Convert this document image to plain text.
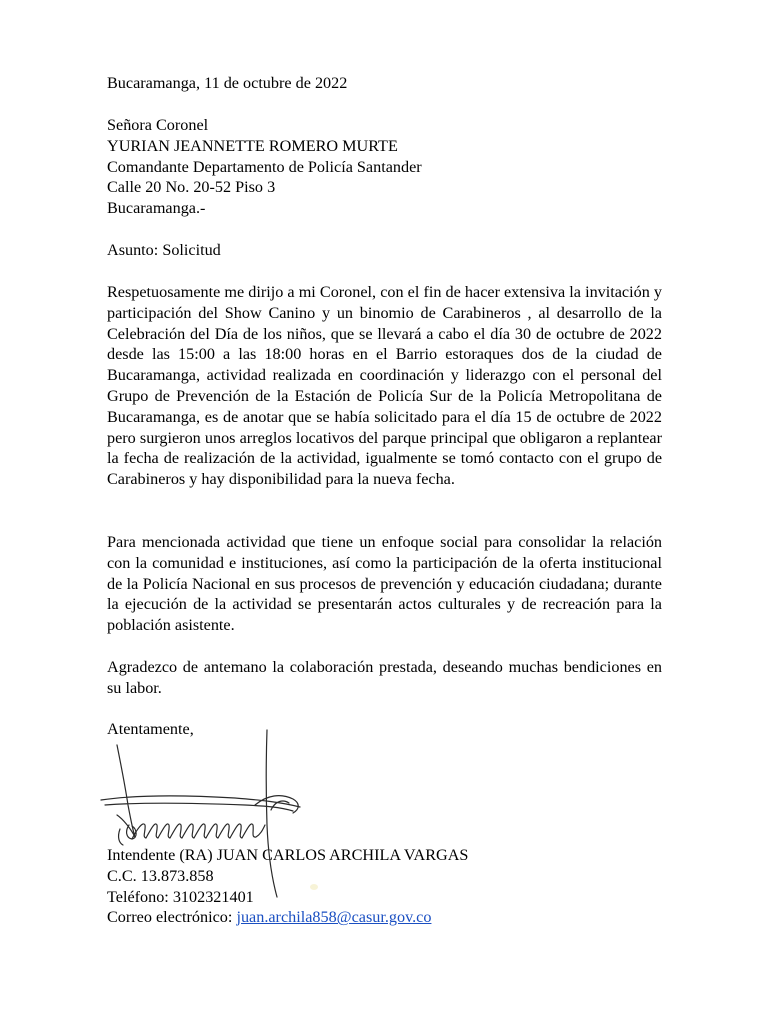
Bucaramanga, 11 de octubre de 2022

Señora Coronel
YURIAN JEANNETTE ROMERO MURTE
Comandante Departamento de Policía Santander
Calle 20 No. 20-52 Piso 3
Bucaramanga.-

Asunto: Solicitud

Respetuosamente me dirijo a mi Coronel, con el fin de hacer extensiva la invitación y participación del Show Canino y un binomio de Carabineros , al desarrollo de la Celebración del Día de los niños, que se llevará a cabo el día 30 de octubre de 2022 desde las 15:00 a las 18:00 horas en el Barrio estoraques dos de la ciudad de Bucaramanga, actividad realizada en coordinación y liderazgo con el personal del Grupo de Prevención de la Estación de Policía Sur de la Policía Metropolitana de Bucaramanga, es de anotar que se había solicitado para el día 15 de octubre de 2022 pero surgieron unos arreglos locativos del parque principal que obligaron a replantear la fecha de realización de la actividad, igualmente se tomó contacto con el grupo de Carabineros y hay disponibilidad para la nueva fecha.

Para mencionada actividad que tiene un enfoque social para consolidar la relación con la comunidad e instituciones, así como la participación de la oferta institucional de la Policía Nacional en sus procesos de prevención y educación ciudadana; durante la ejecución de la actividad se presentarán actos culturales y de recreación para la población asistente.

Agradezco de antemano la colaboración prestada, deseando muchas bendiciones en su labor.

Atentamente,

Intendente (RA) JUAN CARLOS ARCHILA VARGAS
C.C. 13.873.858
Teléfono: 3102321401
Correo electrónico: juan.archila858@casur.gov.co
